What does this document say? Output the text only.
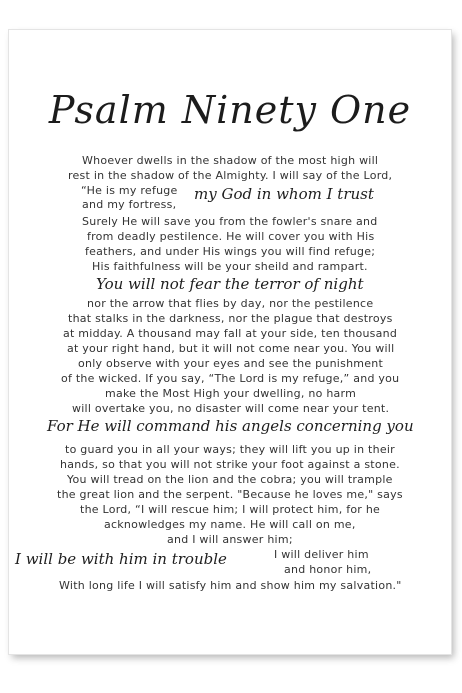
Psalm Ninety One
Whoever dwells in the shadow of the most high will
rest in the shadow of the Almighty. I will say of the Lord,
“He is my refuge
and my fortress,
my God in whom I trust
Surely He will save you from the fowler's snare and
from deadly pestilence. He will cover you with His
feathers, and under His wings you will find refuge;
His faithfulness will be your sheild and rampart.
You will not fear the terror of night
nor the arrow that flies by day, nor the pestilence
that stalks in the darkness, nor the plague that destroys
at midday. A thousand may fall at your side, ten thousand
at your right hand, but it will not come near you. You will
only observe with your eyes and see the punishment
of the wicked. If you say, “The Lord is my refuge,” and you
make the Most High your dwelling, no harm
will overtake you, no disaster will come near your tent.
For He will command his angels concerning you
to guard you in all your ways; they will lift you up in their
hands, so that you will not strike your foot against a stone.
You will tread on the lion and the cobra; you will trample
the great lion and the serpent. "Because he loves me," says
the Lord, “I will rescue him; I will protect him, for he
acknowledges my name. He will call on me,
and I will answer him;
I will be with him in trouble	I will deliver him
and honor him,
With long life I will satisfy him and show him my salvation."
